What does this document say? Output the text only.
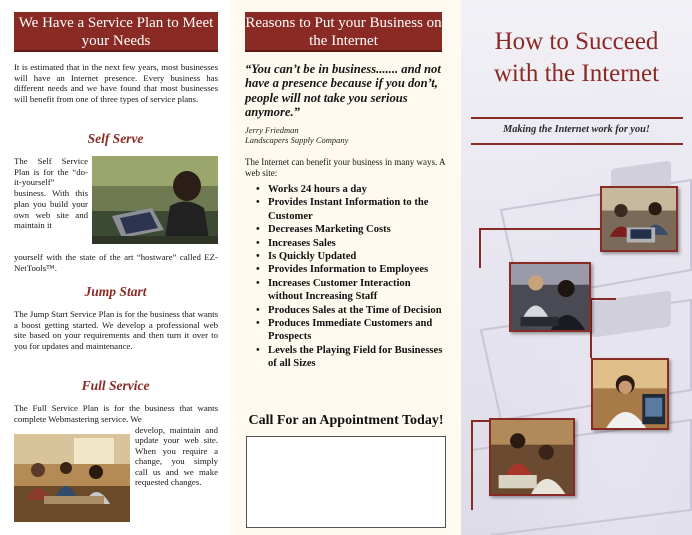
We Have a Service Plan to Meet your Needs

It is estimated that in the next few years, most businesses will have an Internet presence. Every business has different needs and we have found that most businesses will benefit from one of three types of service plans.

Self Serve

The Self Service Plan is for the “do-it-yourself” business. With this plan you build your own web site and maintain it

yourself with the state of the art “hostware” called EZ-NetTools™.

Jump Start

The Jump Start Service Plan is for the business that wants a boost getting started. We develop a professional web site based on your requirements and then turn it over to you for updates and maintenance.

Full Service

The Full Service Plan is for the business that wants complete Webmastering service. We

develop, maintain and update your web site. When you require a change, you simply call us and we make requested changes.

Reasons to Put your Business on the Internet

“You can’t be in business....... and not have a presence because if you don’t, people will not take you serious anymore.”

Jerry Friedman
Landscapers Supply Company

The Internet can benefit your business in many ways. A web site:

• Works 24 hours a day
• Provides Instant Information to the Customer
• Decreases Marketing Costs
• Increases Sales
• Is Quickly Updated
• Provides Information to Employees
• Increases Customer Interaction without Increasing Staff
• Produces Sales at the Time of Decision
• Produces Immediate Customers and Prospects
• Levels the Playing Field for Businesses of all Sizes
Call For an Appointment Today!
How to Succeed
with the Internet
Making the Internet work for you!
